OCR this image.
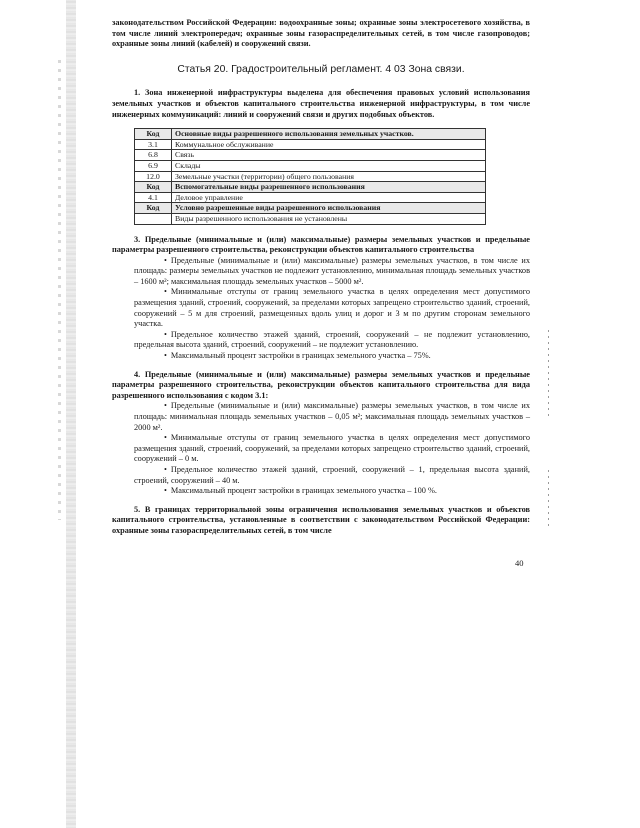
законодательством Российской Федерации: водоохранные зоны; охранные зоны электросетевого хозяйства, в том числе линий электропередач; охранные зоны газораспределительных сетей, в том числе газопроводов; охранные зоны линий (кабелей) и сооружений связи.

Статья 20. Градостроительный регламент. 4 03 Зона связи.

1. Зона инженерной инфраструктуры выделена для обеспечения правовых условий использования земельных участков и объектов капитального строительства инженерной инфраструктуры, в том числе инженерных коммуникаций: линий и сооружений связи и других подобных объектов.

Код	Основные виды разрешенного использования земельных участков.
3.1	Коммунальное обслуживание
6.8	Связь
6.9	Склады
12.0	Земельные участки (территории) общего пользования
Код	Вспомогательные виды разрешенного использования
4.1	Деловое управление
Код	Условно разрешенные виды разрешенного использования
	Виды разрешенного использования не установлены

3. Предельные (минимальные и (или) максимальные) размеры земельных участков и предельные параметры разрешенного строительства, реконструкции объектов капитального строительства

• Предельные (минимальные и (или) максимальные) размеры земельных участков, в том числе их площадь: размеры земельных участков не подлежит установлению, минимальная площадь земельных участков – 1600 м²; максимальная площадь земельных участков – 5000 м².

• Минимальные отступы от границ земельного участка в целях определения мест допустимого размещения зданий, строений, сооружений, за пределами которых запрещено строительство зданий, строений, сооружений – 5 м для строений, размещенных вдоль улиц и дорог и 3 м по другим сторонам земельного участка.

• Предельное количество этажей зданий, строений, сооружений – не подлежит установлению, предельная высота зданий, строений, сооружений – не подлежит установлению.

• Максимальный процент застройки в границах земельного участка – 75%.

4. Предельные (минимальные и (или) максимальные) размеры земельных участков и предельные параметры разрешенного строительства, реконструкции объектов капитального строительства для вида разрешенного использования с кодом 3.1:

• Предельные (минимальные и (или) максимальные) размеры земельных участков, в том числе их площадь: минимальная площадь земельных участков – 0,05 м²; максимальная площадь земельных участков – 2000 м².

• Минимальные отступы от границ земельного участка в целях определения мест допустимого размещения зданий, строений, сооружений, за пределами которых запрещено строительство зданий, строений, сооружений – 0 м.

• Предельное количество этажей зданий, строений, сооружений – 1, предельная высота зданий, строений, сооружений – 40 м.

• Максимальный процент застройки в границах земельного участка – 100 %.

5. В границах территориальной зоны ограничения использования земельных участков и объектов капитального строительства, установленные в соответствии с законодательством Российской Федерации: охранные зоны газораспределительных сетей, в том числе

40
